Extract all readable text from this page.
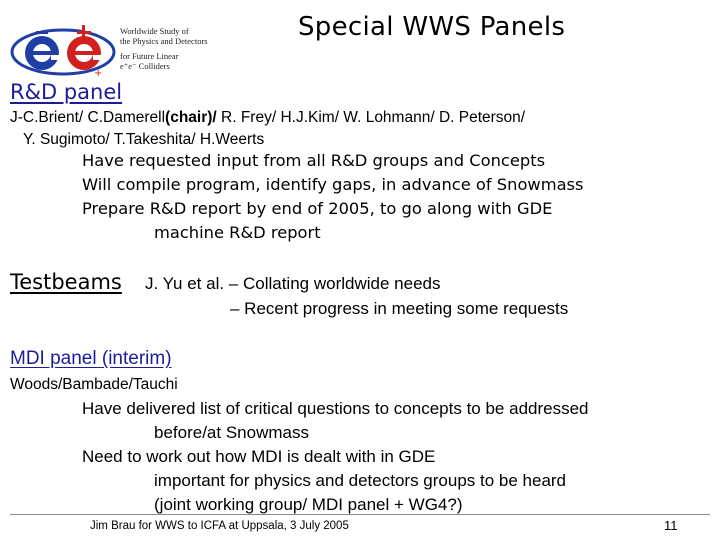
+
Worldwide Study of
the Physics and Detectors
for Future Linear
e⁺e⁻ Colliders
Special WWS Panels
R&D panel
J-C.Brient/ C.Damerell(chair)/ R. Frey/ H.J.Kim/ W. Lohmann/ D. Peterson/
Y. Sugimoto/ T.Takeshita/ H.Weerts
Have requested input from all R&D groups and Concepts
Will compile program, identify gaps, in advance of Snowmass
Prepare R&D report by end of 2005, to go along with GDE
machine R&D report
Testbeams J. Yu et al. – Collating worldwide needs
– Recent progress in meeting some requests
MDI panel (interim)
Woods/Bambade/Tauchi
Have delivered list of critical questions to concepts to be addressed
before/at Snowmass
Need to work out how MDI is dealt with in GDE
important for physics and detectors groups to be heard
(joint working group/ MDI panel + WG4?)
Jim Brau for WWS to ICFA at Uppsala, 3 July 2005	11
